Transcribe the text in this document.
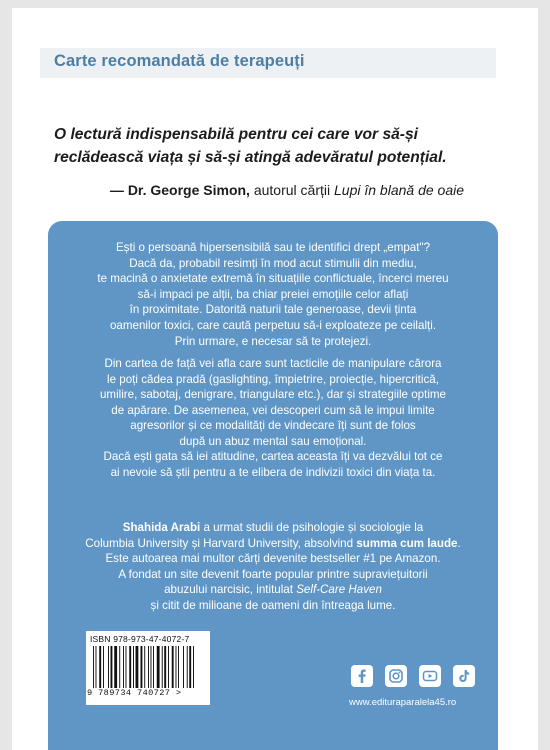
Carte recomandată de terapeuți
O lectură indispensabilă pentru cei care vor să-și
reclădească viața și să-și atingă adevăratul potențial.
— Dr. George Simon, autorul cărții Lupi în blană de oaie
Ești o persoană hipersensibilă sau te identifici drept „empat"?
Dacă da, probabil resimți în mod acut stimulii din mediu,
te macină o anxietate extremă în situațiile conflictuale, încerci mereu
să-i impaci pe alții, ba chiar preiei emoțiile celor aflați
în proximitate. Datorită naturii tale generoase, devii ținta
oamenilor toxici, care caută perpetuu să-i exploateze pe ceilalți.
Prin urmare, e necesar să te protejezi.
Din cartea de față vei afla care sunt tacticile de manipulare cărora
le poți cădea pradă (gaslighting, împietrire, proiecție, hipercritică,
umilire, sabotaj, denigrare, triangulare etc.), dar și strategiile optime
de apărare. De asemenea, vei descoperi cum să le impui limite
agresorilor și ce modalități de vindecare îți sunt de folos
după un abuz mental sau emoțional.
Dacă ești gata să iei atitudine, cartea aceasta îți va dezvălui tot ce
ai nevoie să știi pentru a te elibera de indivizii toxici din viața ta.
Shahida Arabi a urmat studii de psihologie și sociologie la
Columbia University și Harvard University, absolvind summa cum laude.
Este autoarea mai multor cărți devenite bestseller #1 pe Amazon.
A fondat un site devenit foarte popular printre supraviețuitorii
abuzului narcisic, intitulat Self-Care Haven
și citit de milioane de oameni din întreaga lume.
ISBN 978-973-47-4072-7
9 789734 740727 >
www.edituraparalela45.ro
